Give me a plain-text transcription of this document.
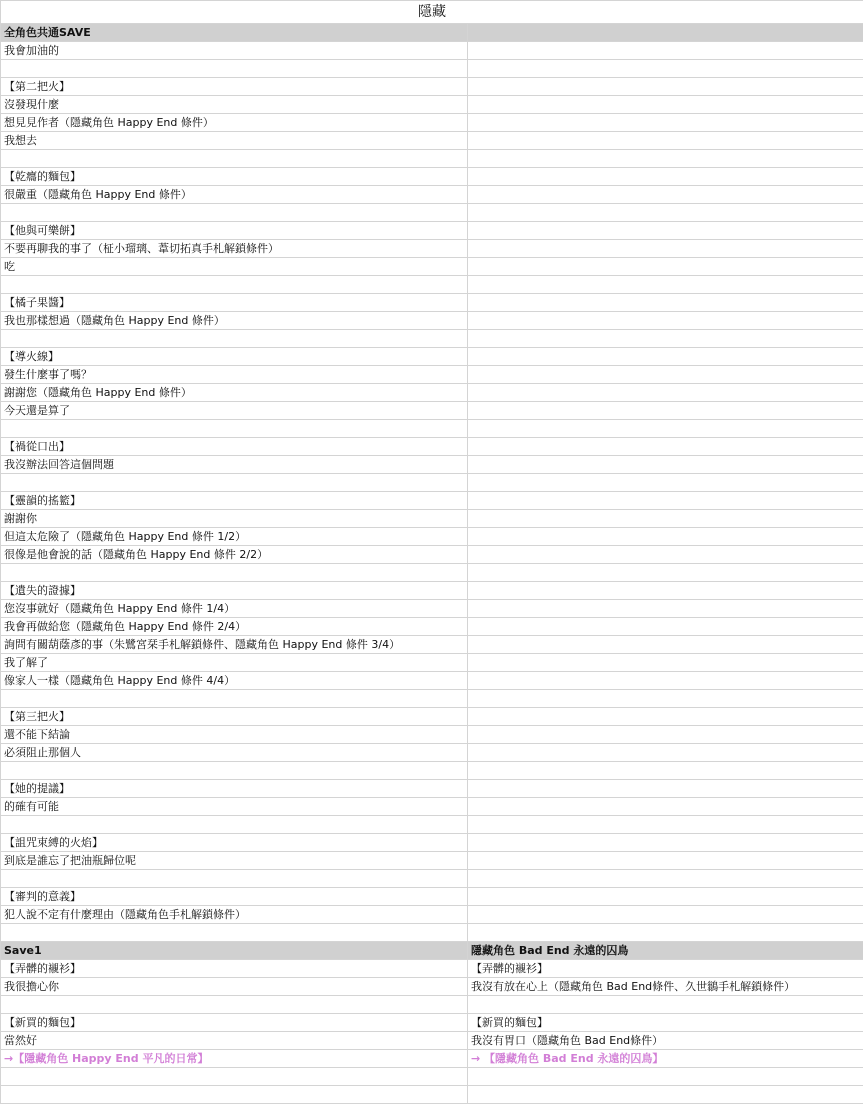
隱藏	
全角色共通SAVE	
我會加油的	

【第二把火】	
沒發現什麼	
想見見作者（隱藏角色 Happy End 條件）	
我想去	

【乾癟的麵包】	
很嚴重（隱藏角色 Happy End 條件）	

【他與可樂餅】	
不要再聊我的事了（柾小瑠璃、葦切拓真手札解鎖條件）	
吃	

【橘子果醬】	
我也那樣想過（隱藏角色 Happy End 條件）	

【導火線】	
發生什麼事了嗎？	
謝謝您（隱藏角色 Happy End 條件）	
今天還是算了	

【禍從口出】	
我沒辦法回答這個問題	

【靈韻的搖籃】	
謝謝你	
但這太危險了（隱藏角色 Happy End 條件 1/2）	
很像是他會說的話（隱藏角色 Happy End 條件 2/2）	

【遺失的證據】	
您沒事就好（隱藏角色 Happy End 條件 1/4）	
我會再做給您（隱藏角色 Happy End 條件 2/4）	
詢問有關葫蔭彥的事（朱鷺宮栞手札解鎖條件、隱藏角色 Happy End 條件 3/4）	
我了解了	
像家人一樣（隱藏角色 Happy End 條件 4/4）	

【第三把火】	
還不能下結論	
必須阻止那個人	

【她的提議】	
的確有可能	

【詛咒束縛的火焰】	
到底是誰忘了把油瓶歸位呢	

【審判的意義】	
犯人說不定有什麼理由（隱藏角色手札解鎖條件）	

Save1	隱藏角色 Bad End 永遠的囚鳥
【弄髒的襯衫】	【弄髒的襯衫】
我很擔心你	我沒有放在心上（隱藏角色 Bad End條件、久世鶲手札解鎖條件）

【新買的麵包】	【新買的麵包】
當然好	我沒有胃口（隱藏角色 Bad End條件）
→【隱藏角色 Happy End 平凡的日常】	→ 【隱藏角色 Bad End 永遠的囚鳥】
